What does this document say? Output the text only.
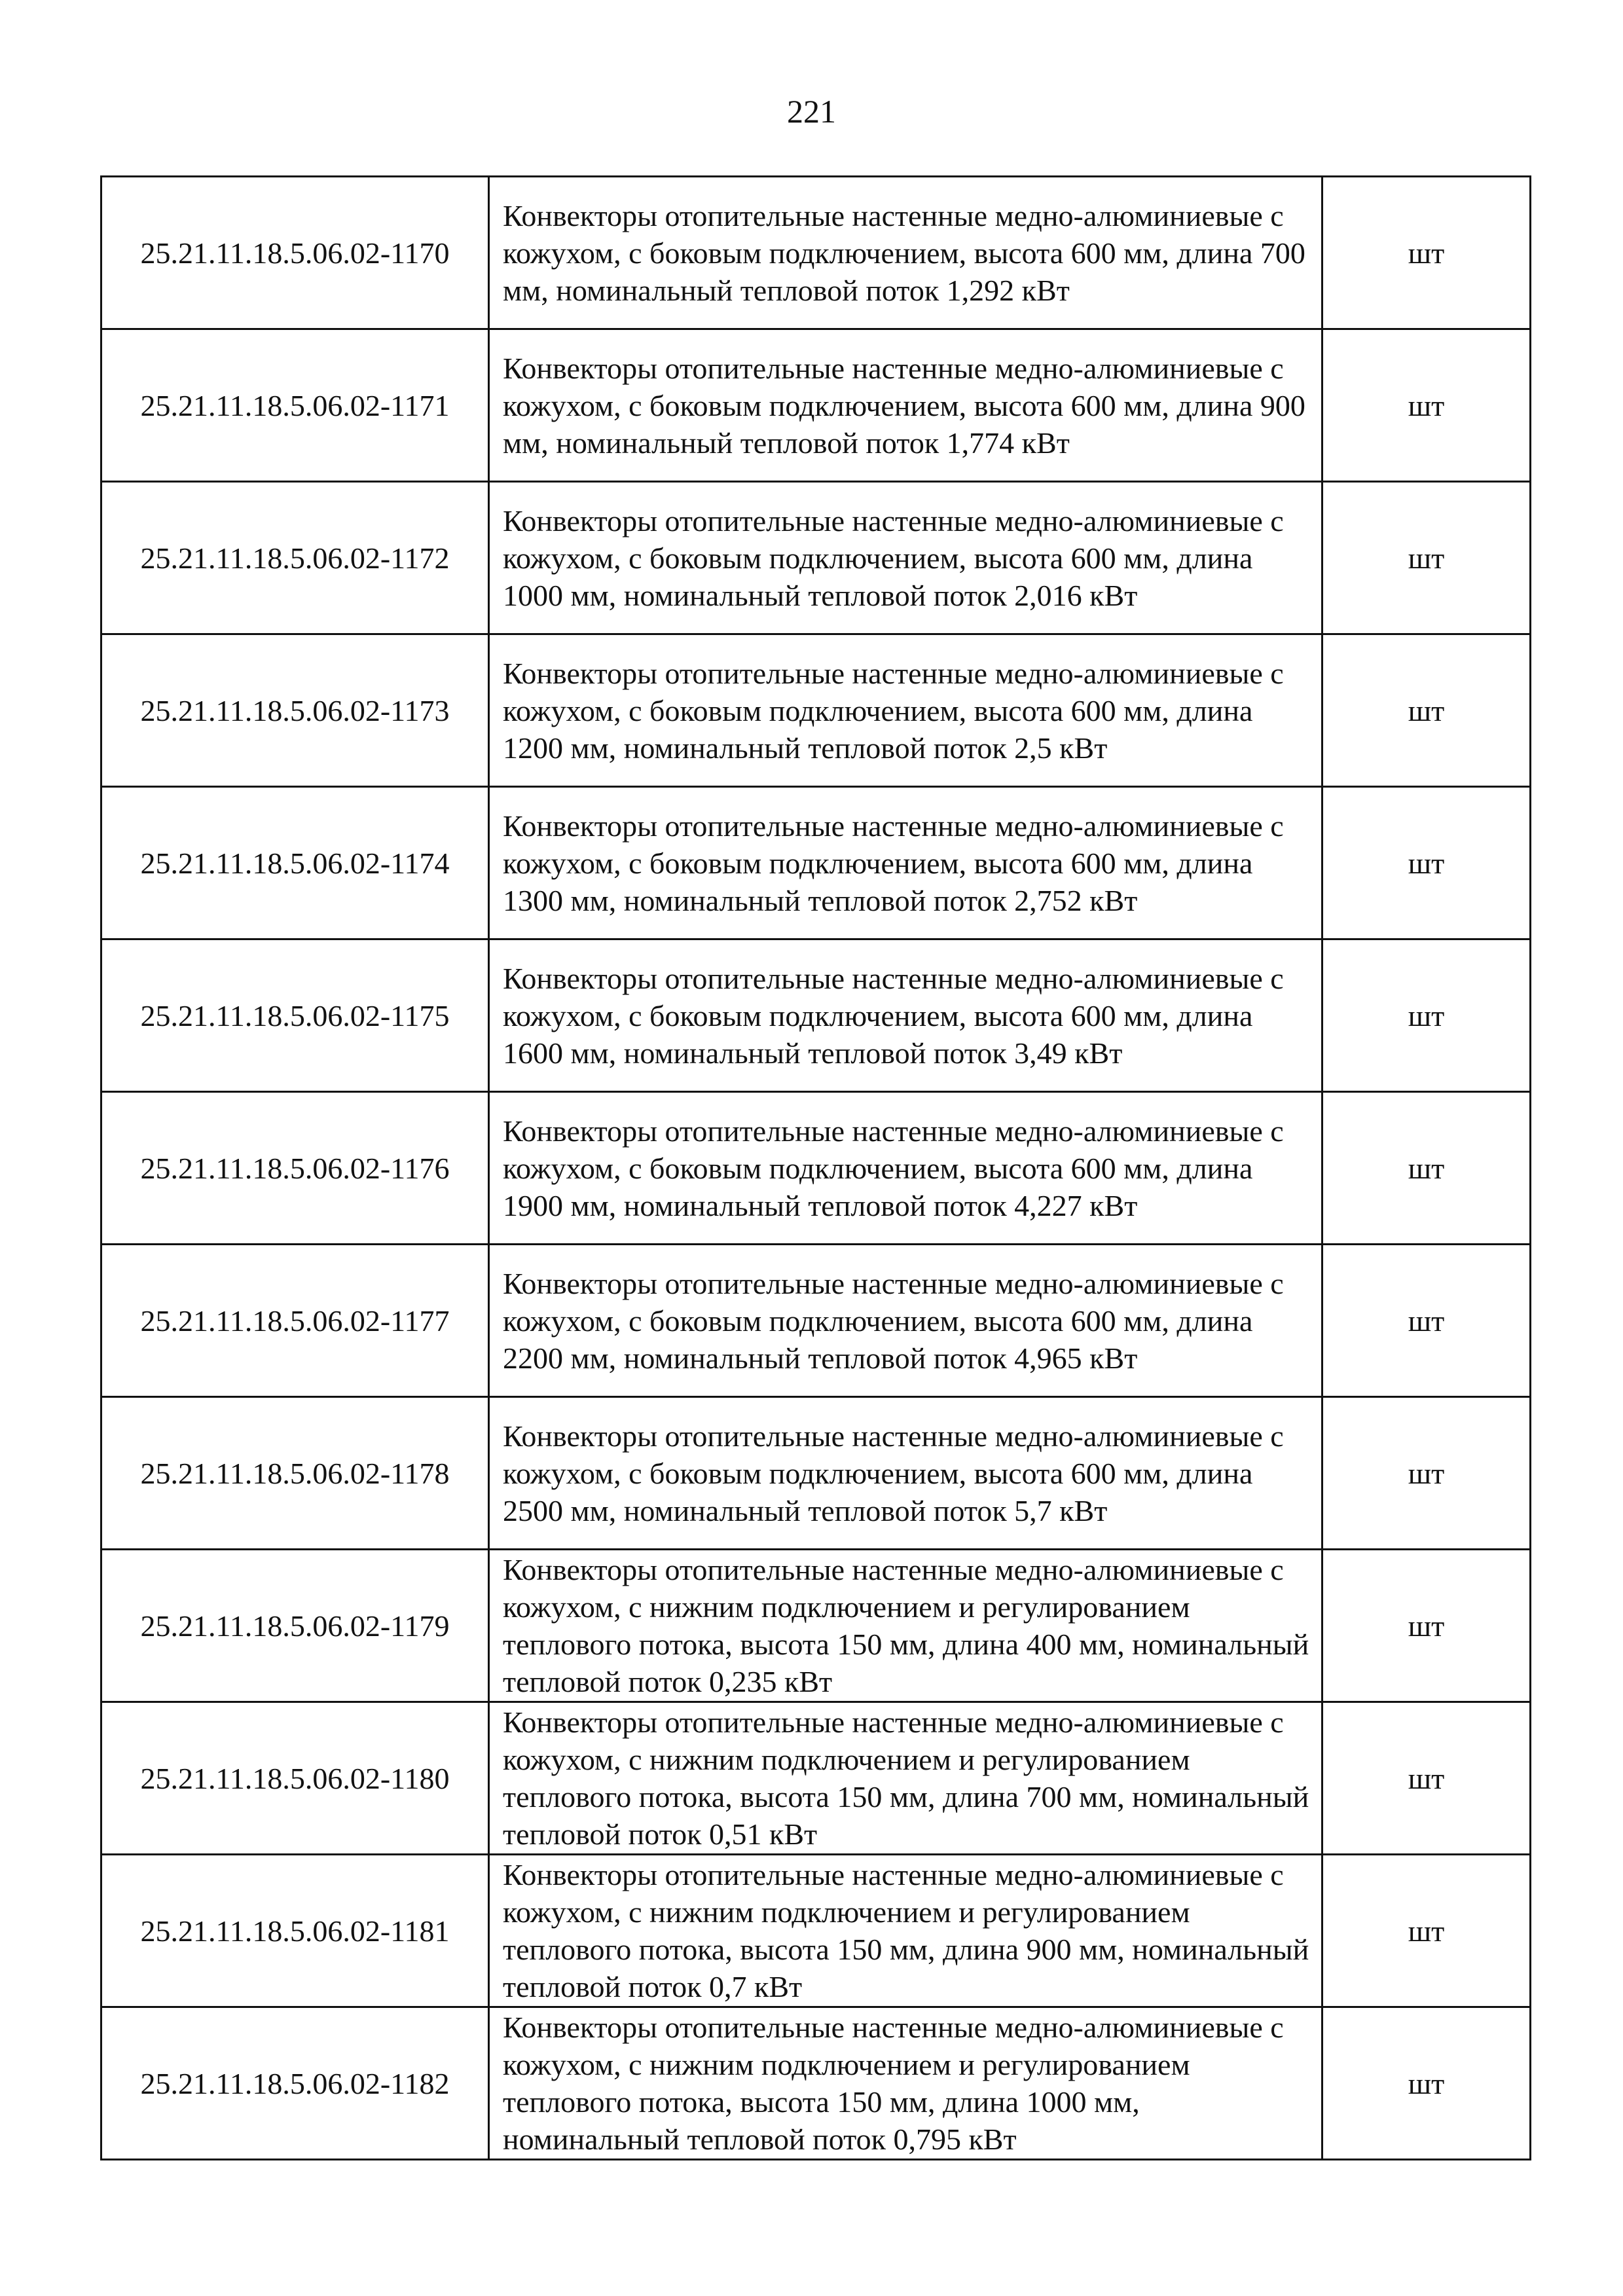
221
25.21.11.18.5.06.02-1170	Конвекторы отопительные настенные медно-алюминиевые с кожухом, с боковым подключением, высота 600 мм, длина 700 мм, номинальный тепловой поток 1,292 кВт	шт
25.21.11.18.5.06.02-1171	Конвекторы отопительные настенные медно-алюминиевые с кожухом, с боковым подключением, высота 600 мм, длина 900 мм, номинальный тепловой поток 1,774 кВт	шт
25.21.11.18.5.06.02-1172	Конвекторы отопительные настенные медно-алюминиевые с кожухом, с боковым подключением, высота 600 мм, длина 1000 мм, номинальный тепловой поток 2,016 кВт	шт
25.21.11.18.5.06.02-1173	Конвекторы отопительные настенные медно-алюминиевые с кожухом, с боковым подключением, высота 600 мм, длина 1200 мм, номинальный тепловой поток 2,5 кВт	шт
25.21.11.18.5.06.02-1174	Конвекторы отопительные настенные медно-алюминиевые с кожухом, с боковым подключением, высота 600 мм, длина 1300 мм, номинальный тепловой поток 2,752 кВт	шт
25.21.11.18.5.06.02-1175	Конвекторы отопительные настенные медно-алюминиевые с кожухом, с боковым подключением, высота 600 мм, длина 1600 мм, номинальный тепловой поток 3,49 кВт	шт
25.21.11.18.5.06.02-1176	Конвекторы отопительные настенные медно-алюминиевые с кожухом, с боковым подключением, высота 600 мм, длина 1900 мм, номинальный тепловой поток 4,227 кВт	шт
25.21.11.18.5.06.02-1177	Конвекторы отопительные настенные медно-алюминиевые с кожухом, с боковым подключением, высота 600 мм, длина 2200 мм, номинальный тепловой поток 4,965 кВт	шт
25.21.11.18.5.06.02-1178	Конвекторы отопительные настенные медно-алюминиевые с кожухом, с боковым подключением, высота 600 мм, длина 2500 мм, номинальный тепловой поток 5,7 кВт	шт
25.21.11.18.5.06.02-1179	Конвекторы отопительные настенные медно-алюминиевые с кожухом, с нижним подключением и регулированием теплового потока, высота 150 мм, длина 400 мм, номинальный тепловой поток 0,235 кВт	шт
25.21.11.18.5.06.02-1180	Конвекторы отопительные настенные медно-алюминиевые с кожухом, с нижним подключением и регулированием теплового потока, высота 150 мм, длина 700 мм, номинальный тепловой поток 0,51 кВт	шт
25.21.11.18.5.06.02-1181	Конвекторы отопительные настенные медно-алюминиевые с кожухом, с нижним подключением и регулированием теплового потока, высота 150 мм, длина 900 мм, номинальный тепловой поток 0,7 кВт	шт
25.21.11.18.5.06.02-1182	Конвекторы отопительные настенные медно-алюминиевые с кожухом, с нижним подключением и регулированием теплового потока, высота 150 мм, длина 1000 мм, номинальный тепловой поток 0,795 кВт	шт
